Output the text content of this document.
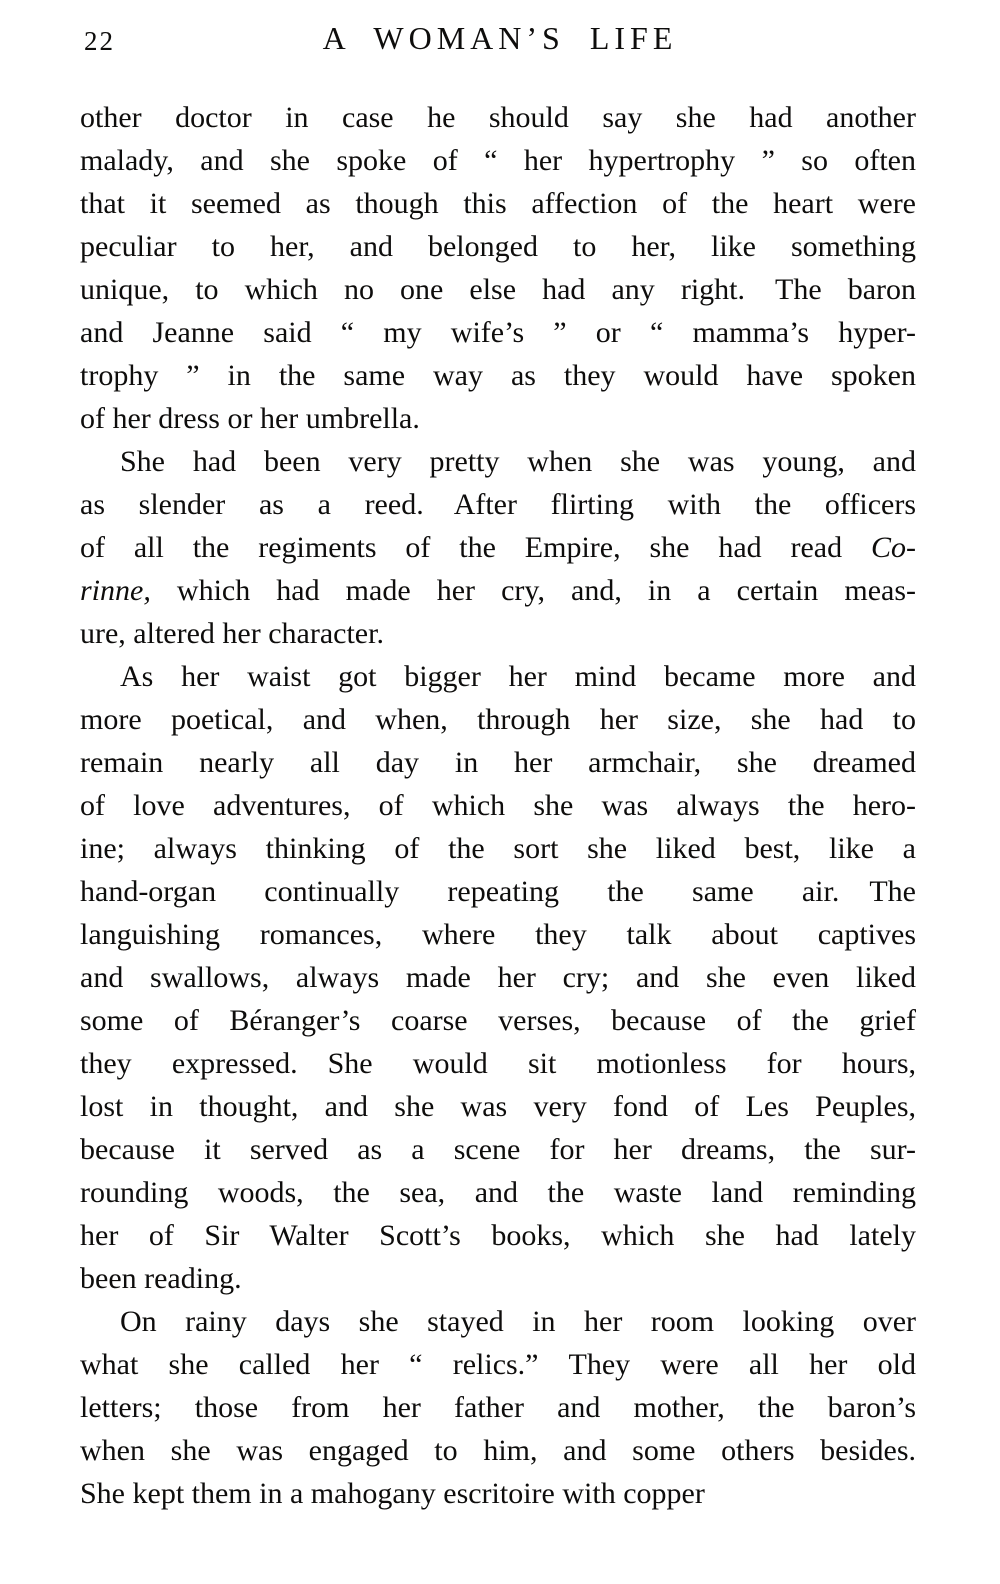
22	A WOMAN’S LIFE
other doctor in case he should say she had another
malady, and she spoke of “ her hypertrophy ” so often
that it seemed as though this affection of the heart were
peculiar to her, and belonged to her, like something
unique, to which no one else had any right. The baron
and Jeanne said “ my wife’s ” or “ mamma’s hyper-
trophy ” in the same way as they would have spoken
of her dress or her umbrella.
She had been very pretty when she was young, and
as slender as a reed. After flirting with the officers
of all the regiments of the Empire, she had read Co-
rinne, which had made her cry, and, in a certain meas-
ure, altered her character.
As her waist got bigger her mind became more and
more poetical, and when, through her size, she had to
remain nearly all day in her armchair, she dreamed
of love adventures, of which she was always the hero-
ine; always thinking of the sort she liked best, like a
hand-organ continually repeating the same air. The
languishing romances, where they talk about captives
and swallows, always made her cry; and she even liked
some of Béranger’s coarse verses, because of the grief
they expressed. She would sit motionless for hours,
lost in thought, and she was very fond of Les Peuples,
because it served as a scene for her dreams, the sur-
rounding woods, the sea, and the waste land reminding
her of Sir Walter Scott’s books, which she had lately
been reading.
On rainy days she stayed in her room looking over
what she called her “ relics.” They were all her old
letters; those from her father and mother, the baron’s
when she was engaged to him, and some others besides.
She kept them in a mahogany escritoire with copper
